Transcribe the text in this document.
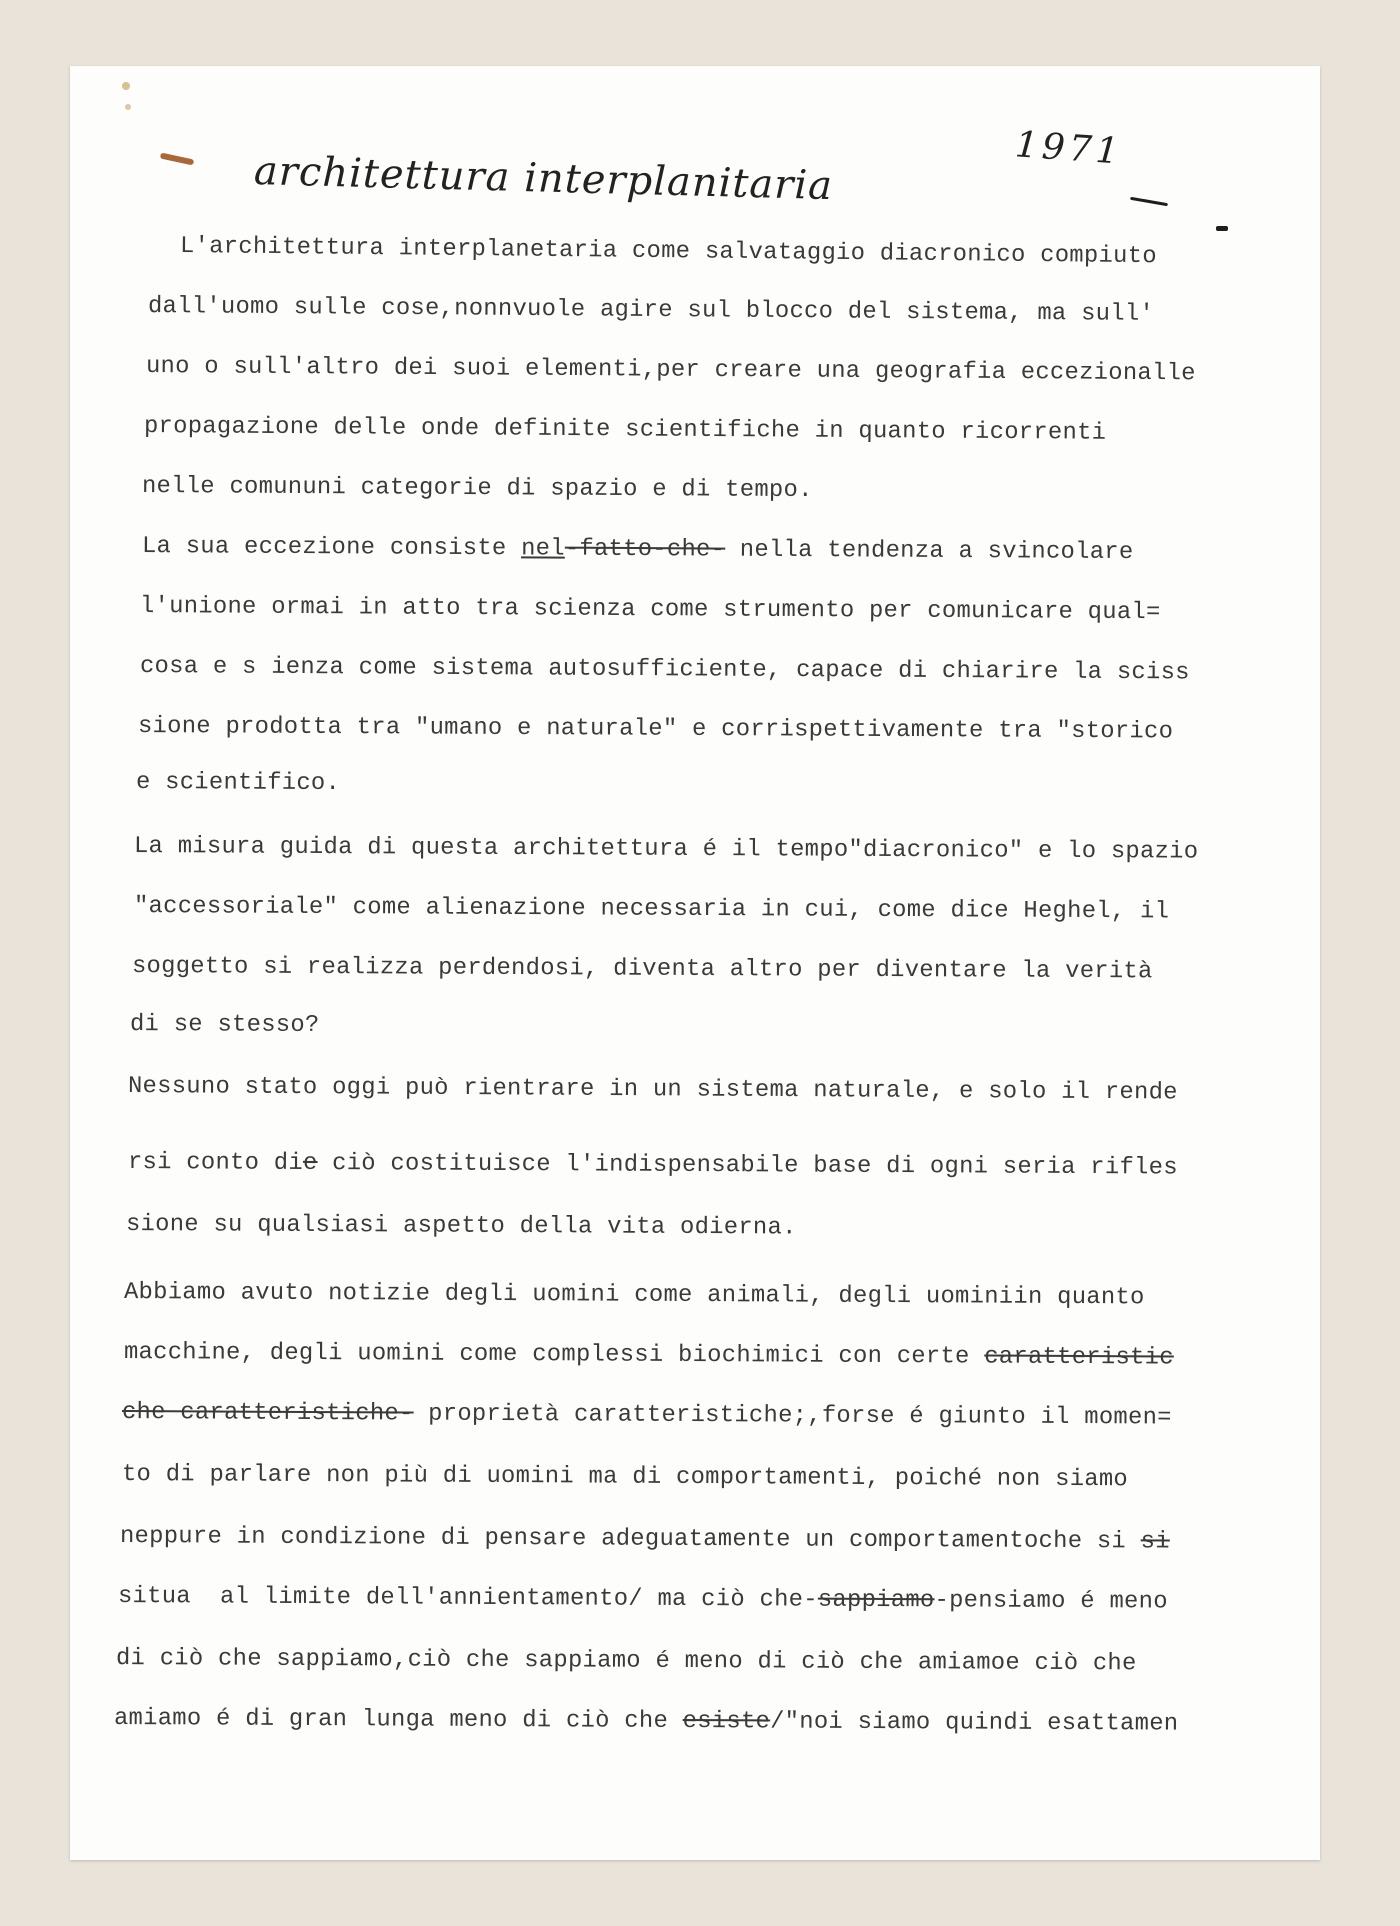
architettura interplanitaria	1971

L'architettura interplanetaria come salvataggio diacronico compiuto

dall'uomo sulle cose,nonnvuole agire sul blocco del sistema, ma sull'

uno o sull'altro dei suoi elementi,per creare una geografia eccezionalle

propagazione delle onde definite scientifiche in quanto ricorrenti

nelle comununi categorie di spazio e di tempo.

La sua eccezione consiste nel-fatto-che- nella tendenza a svincolare

l'unione ormai in atto tra scienza come strumento per comunicare qual=

cosa e s ienza come sistema autosufficiente, capace di chiarire la sciss

sione prodotta tra "umano e naturale" e corrispettivamente tra "storico

e scientifico.

La misura guida di questa architettura é il tempo"diacronico" e lo spazio

"accessoriale" come alienazione necessaria in cui, come dice Heghel, il

soggetto si realizza perdendosi, diventa altro per diventare la verità

di se stesso?

Nessuno stato oggi può rientrare in un sistema naturale, e solo il rende

rsi conto die ciò costituisce l'indispensabile base di ogni seria rifles

sione su qualsiasi aspetto della vita odierna.

Abbiamo avuto notizie degli uomini come animali, degli uominiin quanto

macchine, degli uomini come complessi biochimici con certe caratteristic

che caratteristiche- proprietà caratteristiche;,forse é giunto il momen=

to di parlare non più di uomini ma di comportamenti, poiché non siamo

neppure in condizione di pensare adeguatamente un comportamentoche si si

situa  al limite dell'annientamento/ ma ciò che-sappiamo-pensiamo é meno

di ciò che sappiamo,ciò che sappiamo é meno di ciò che amiamoe ciò che

amiamo é di gran lunga meno di ciò che esiste/"noi siamo quindi esattamen
